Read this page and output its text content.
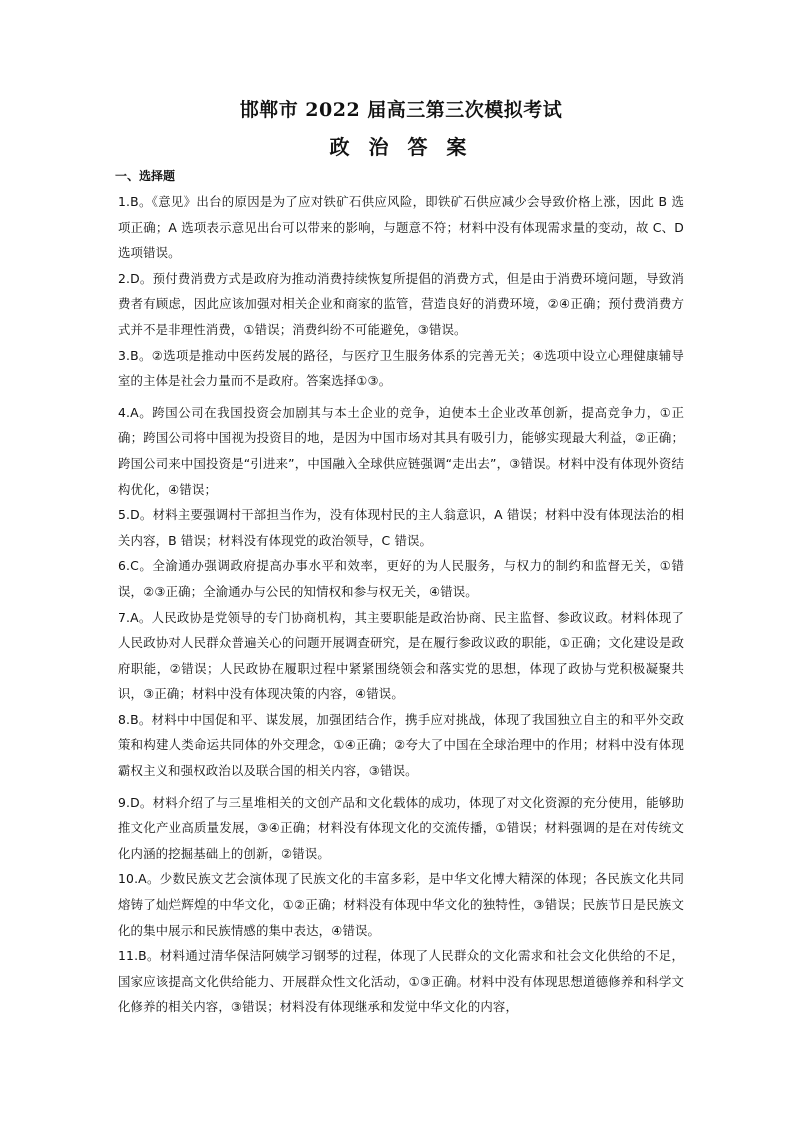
邯郸市 2022 届高三第三次模拟考试
政 治 答 案
一、选择题

1.B。《意见》出台的原因是为了应对铁矿石供应风险，即铁矿石供应减少会导致价格上涨，因此 B 选项正确；A 选项表示意见出台可以带来的影响，与题意不符；材料中没有体现需求量的变动，故 C、D 选项错误。

2.D。预付费消费方式是政府为推动消费持续恢复所提倡的消费方式，但是由于消费环境问题，导致消费者有顾虑，因此应该加强对相关企业和商家的监管，营造良好的消费环境，②④正确；预付费消费方式并不是非理性消费，①错误；消费纠纷不可能避免，③错误。

3.B。②选项是推动中医药发展的路径，与医疗卫生服务体系的完善无关；④选项中设立心理健康辅导室的主体是社会力量而不是政府。答案选择①③。

4.A。跨国公司在我国投资会加剧其与本土企业的竞争，迫使本土企业改革创新，提高竞争力，①正确；跨国公司将中国视为投资目的地，是因为中国市场对其具有吸引力，能够实现最大利益，②正确；跨国公司来中国投资是“引进来”，中国融入全球供应链强调“走出去”，③错误。材料中没有体现外资结构优化，④错误；

5.D。材料主要强调村干部担当作为，没有体现村民的主人翁意识，A 错误；材料中没有体现法治的相关内容，B 错误；材料没有体现党的政治领导，C 错误。

6.C。全渝通办强调政府提高办事水平和效率，更好的为人民服务，与权力的制约和监督无关，①错误，②③正确；全渝通办与公民的知情权和参与权无关，④错误。

7.A。人民政协是党领导的专门协商机构，其主要职能是政治协商、民主监督、参政议政。材料体现了人民政协对人民群众普遍关心的问题开展调查研究，是在履行参政议政的职能，①正确；文化建设是政府职能，②错误；人民政协在履职过程中紧紧围绕领会和落实党的思想，体现了政协与党积极凝聚共识，③正确；材料中没有体现决策的内容，④错误。

8.B。材料中中国促和平、谋发展，加强团结合作，携手应对挑战，体现了我国独立自主的和平外交政策和构建人类命运共同体的外交理念，①④正确；②夸大了中国在全球治理中的作用；材料中没有体现霸权主义和强权政治以及联合国的相关内容，③错误。

9.D。材料介绍了与三星堆相关的文创产品和文化载体的成功，体现了对文化资源的充分使用，能够助推文化产业高质量发展，③④正确；材料没有体现文化的交流传播，①错误；材料强调的是在对传统文化内涵的挖掘基础上的创新，②错误。

10.A。少数民族文艺会演体现了民族文化的丰富多彩，是中华文化博大精深的体现；各民族文化共同熔铸了灿烂辉煌的中华文化，①②正确；材料没有体现中华文化的独特性，③错误；民族节日是民族文化的集中展示和民族情感的集中表达，④错误。

11.B。材料通过清华保洁阿姨学习钢琴的过程，体现了人民群众的文化需求和社会文化供给的不足，国家应该提高文化供给能力、开展群众性文化活动，①③正确。材料中没有体现思想道德修养和科学文化修养的相关内容，③错误；材料没有体现继承和发觉中华文化的内容，
